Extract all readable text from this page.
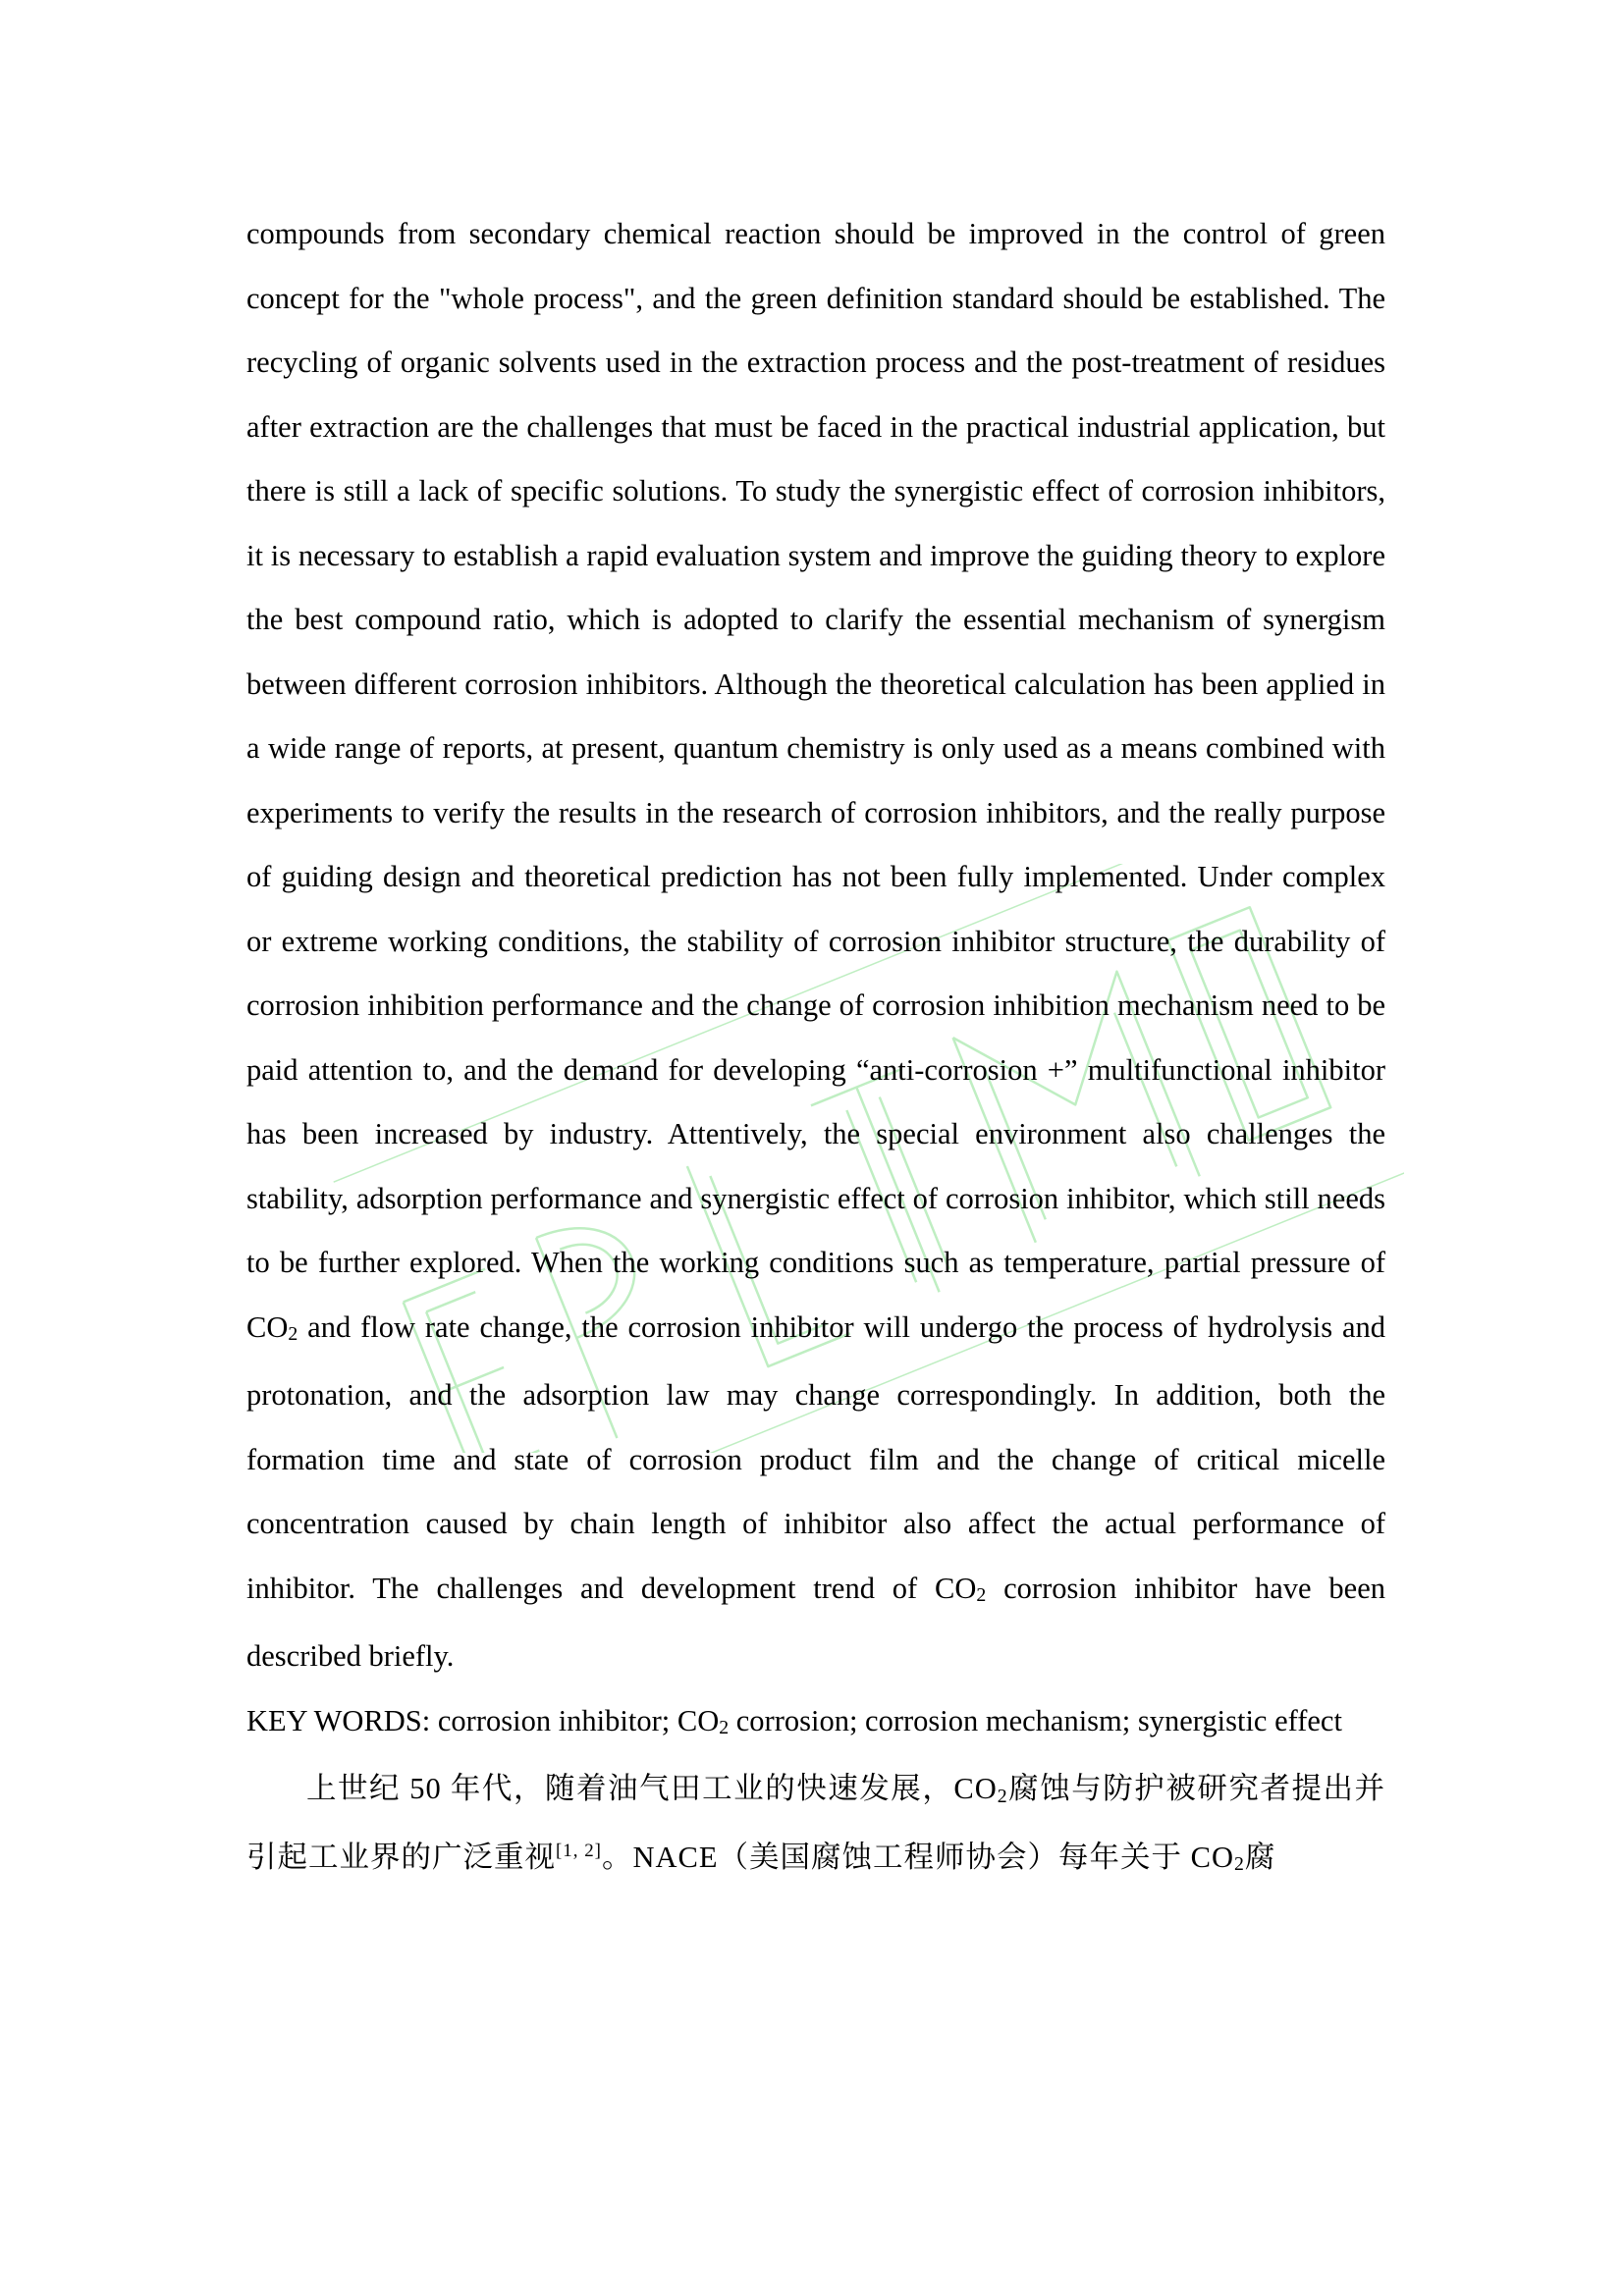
compounds from secondary chemical reaction should be improved in the control of green concept for the "whole process", and the green definition standard should be established. The recycling of organic solvents used in the extraction process and the post-treatment of residues after extraction are the challenges that must be faced in the practical industrial application, but there is still a lack of specific solutions. To study the synergistic effect of corrosion inhibitors, it is necessary to establish a rapid evaluation system and improve the guiding theory to explore the best compound ratio, which is adopted to clarify the essential mechanism of synergism between different corrosion inhibitors. Although the theoretical calculation has been applied in a wide range of reports, at present, quantum chemistry is only used as a means combined with experiments to verify the results in the research of corrosion inhibitors, and the really purpose of guiding design and theoretical prediction has not been fully implemented. Under complex or extreme working conditions, the stability of corrosion inhibitor structure, the durability of corrosion inhibition performance and the change of corrosion inhibition mechanism need to be paid attention to, and the demand for developing “anti-corrosion +” multifunctional inhibitor has been increased by industry. Attentively, the special environment also challenges the stability, adsorption performance and synergistic effect of corrosion inhibitor, which still needs to be further explored. When the working conditions such as temperature, partial pressure of $CO_2$ and flow rate change, the corrosion inhibitor will undergo the process of hydrolysis and protonation, and the adsorption law may change correspondingly. In addition, both the formation time and state of corrosion product film and the change of critical micelle concentration caused by chain length of inhibitor also affect the actual performance of inhibitor. The challenges and development trend of $CO_2$ corrosion inhibitor have been described briefly.

KEY WORDS: corrosion inhibitor; $CO_2$ corrosion; corrosion mechanism; synergistic effect

上世纪 50 年代，随着油气田工业的快速发展，$CO_2$腐蚀与防护被研究者提出并引起工业界的广泛重视[1, 2]。NACE（美国腐蚀工程师协会）每年关于 $CO_2$腐
